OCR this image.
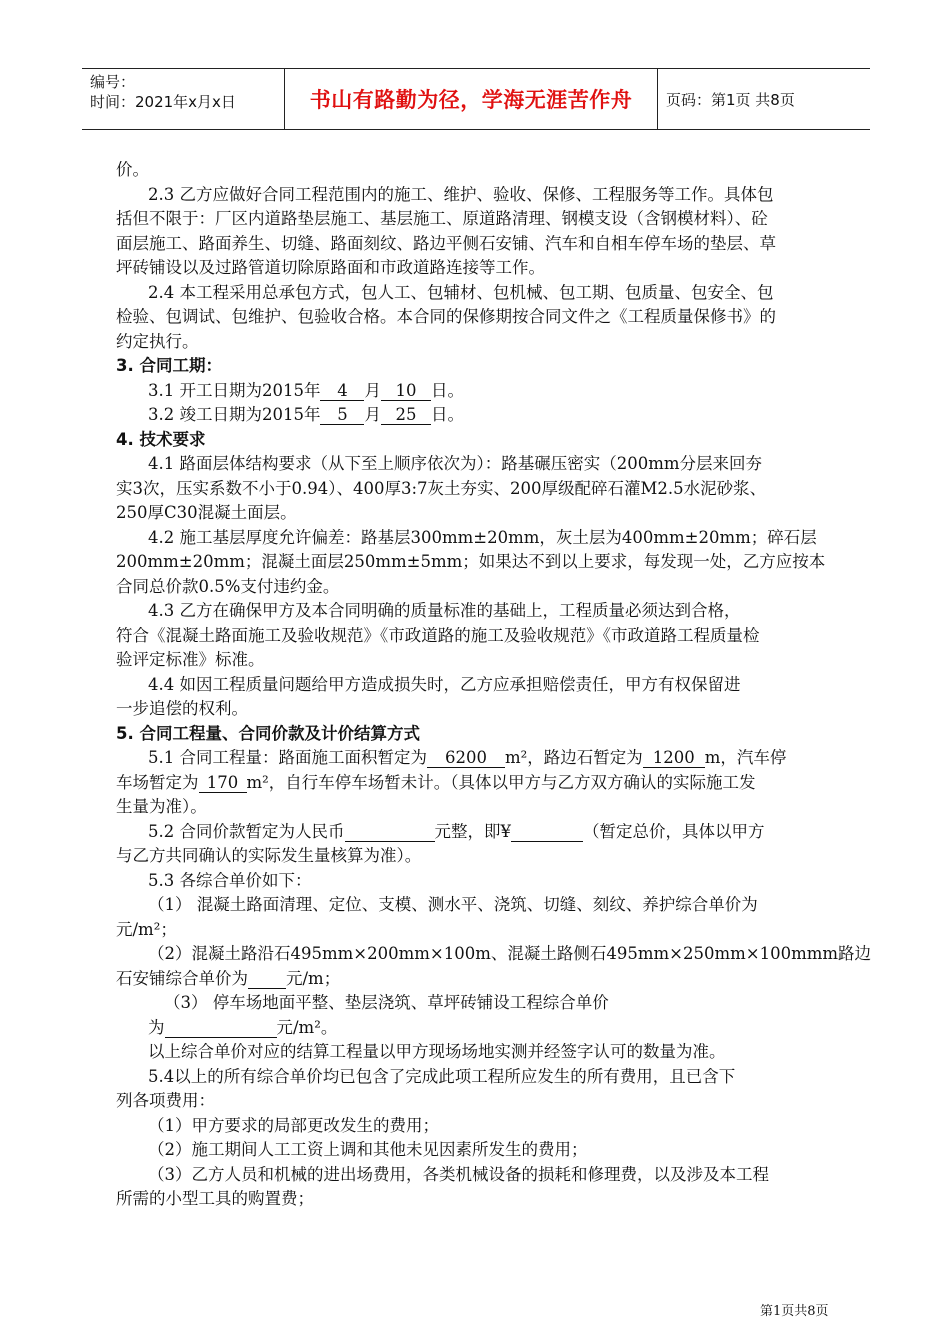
编号：
时间：2021年x月x日	书山有路勤为径，学海无涯苦作舟	页码：第1页 共8页
价。
2.3 乙方应做好合同工程范围内的施工、维护、验收、保修、工程服务等工作。具体包
括但不限于：厂区内道路垫层施工、基层施工、原道路清理、钢模支设（含钢模材料）、砼
面层施工、路面养生、切缝、路面刻纹、路边平侧石安铺、汽车和自相车停车场的垫层、草
坪砖铺设以及过路管道切除原路面和市政道路连接等工作。
2.4 本工程采用总承包方式，包人工、包辅材、包机械、包工期、包质量、包安全、包
检验、包调试、包维护、包验收合格。本合同的保修期按合同文件之《工程质量保修书》的
约定执行。
3. 合同工期：
3.1 开工日期为2015年 4 月 10 日。
3.2 竣工日期为2015年 5 月 25 日。
4. 技术要求
4.1 路面层体结构要求（从下至上顺序依次为）：路基碾压密实（200mm分层来回夯
实3次，压实系数不小于0.94）、400厚3:7灰土夯实、200厚级配碎石灌M2.5水泥砂浆、
250厚C30混凝土面层。
4.2 施工基层厚度允许偏差：路基层300mm±20mm，灰土层为400mm±20mm；碎石层
200mm±20mm；混凝土面层250mm±5mm；如果达不到以上要求，每发现一处，乙方应按本
合同总价款0.5%支付违约金。
4.3 乙方在确保甲方及本合同明确的质量标准的基础上，工程质量必须达到合格，
符合《混凝土路面施工及验收规范》《市政道路的施工及验收规范》《市政道路工程质量检
验评定标准》标准。
4.4 如因工程质量问题给甲方造成损失时，乙方应承担赔偿责任，甲方有权保留进
一步追偿的权利。
5. 合同工程量、合同价款及计价结算方式
5.1 合同工程量：路面施工面积暂定为 6200 m²，路边石暂定为 1200 m，汽车停
车场暂定为 170 m²，自行车停车场暂未计。（具体以甲方与乙方双方确认的实际施工发
生量为准）。
5.2 合同价款暂定为人民币	元整，即¥	（暂定总价，具体以甲方
与乙方共同确认的实际发生量核算为准）。
5.3 各综合单价如下：
（1） 混凝土路面清理、定位、支模、测水平、浇筑、切缝、刻纹、养护综合单价为
元/m²；
（2）混凝土路沿石495mm×200mm×100m、混凝土路侧石495mm×250mm×100mmm路边
石安铺综合单价为 元/m；
（3） 停车场地面平整、垫层浇筑、草坪砖铺设工程综合单价
为	元/m²。
以上综合单价对应的结算工程量以甲方现场场地实测并经签字认可的数量为准。
5.4以上的所有综合单价均已包含了完成此项工程所应发生的所有费用，且已含下
列各项费用：
（1）甲方要求的局部更改发生的费用；
（2）施工期间人工工资上调和其他未见因素所发生的费用；
（3）乙方人员和机械的进出场费用，各类机械设备的损耗和修理费，以及涉及本工程
所需的小型工具的购置费；
第1页共8页
